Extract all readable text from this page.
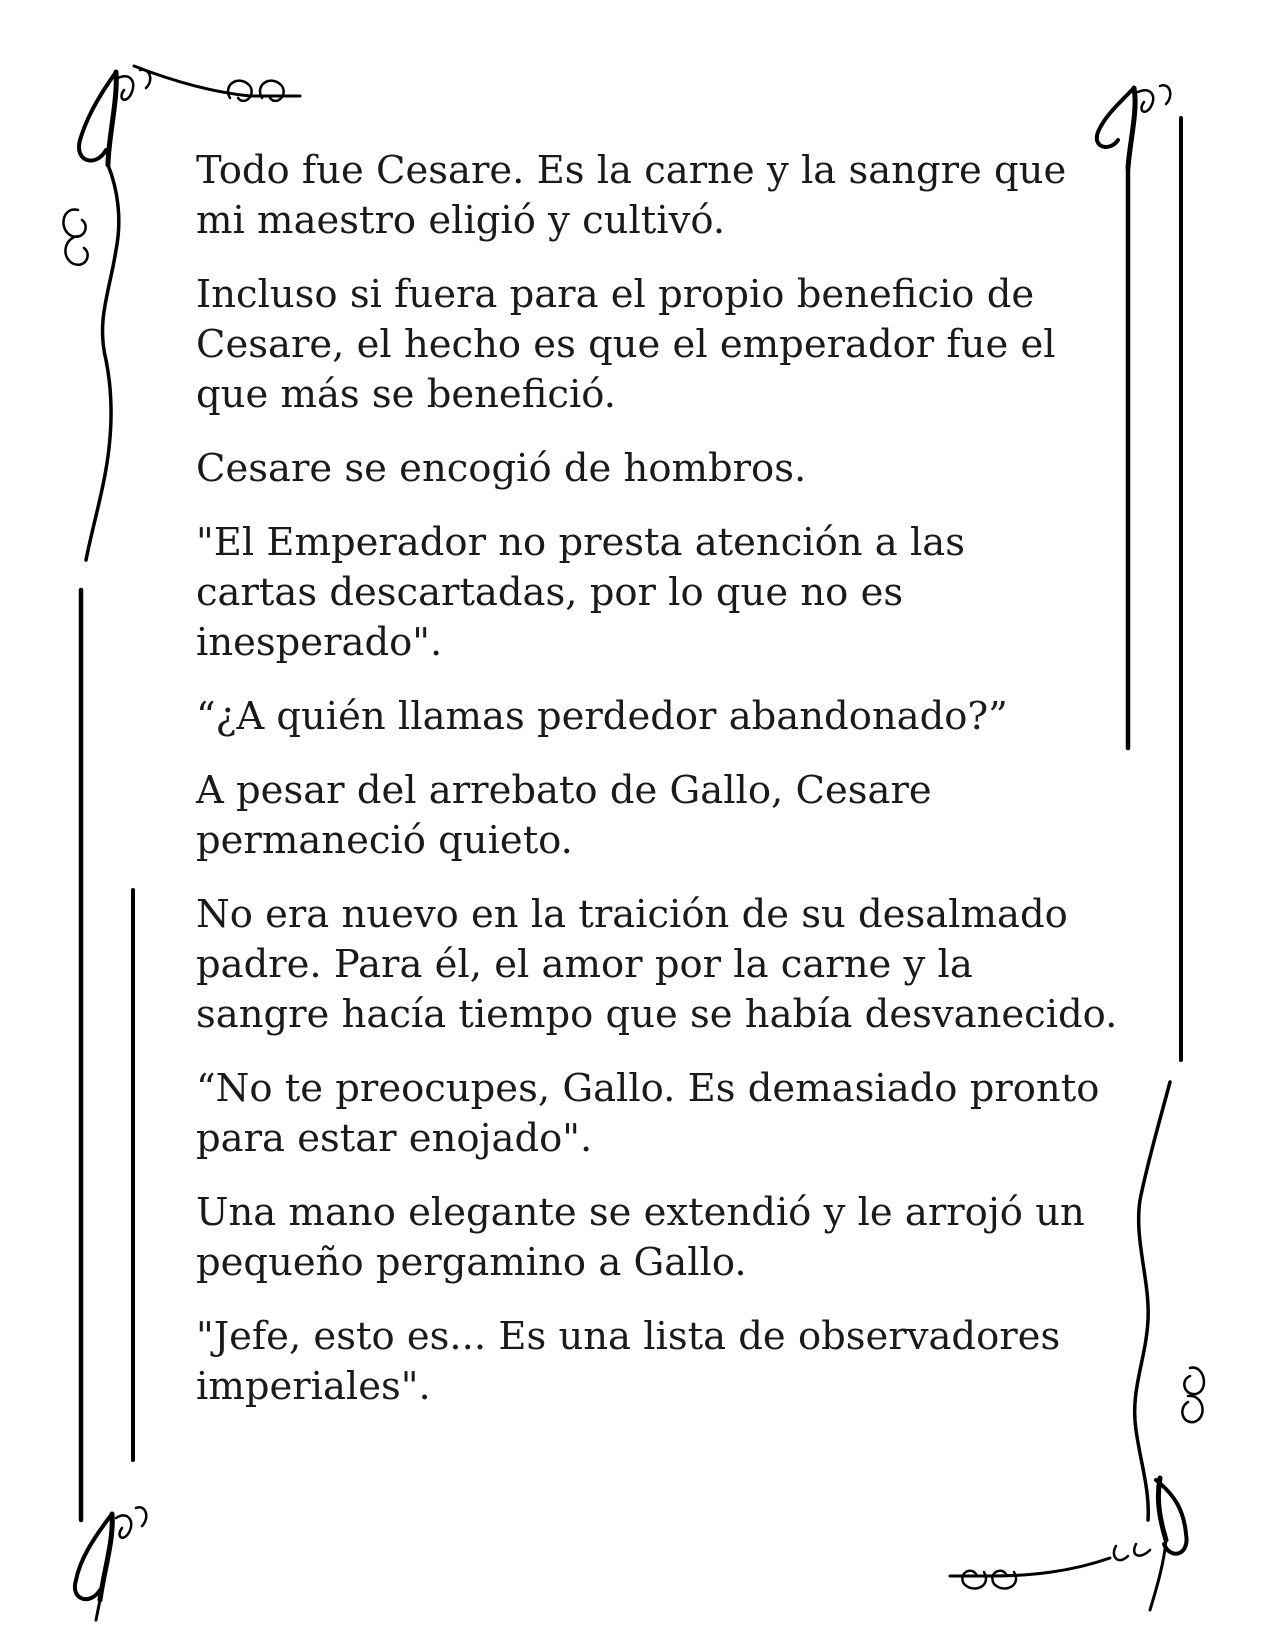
Todo fue Cesare. Es la carne y la sangre que
mi maestro eligió y cultivó.
Incluso si fuera para el propio beneficio de
Cesare, el hecho es que el emperador fue el
que más se benefició.
Cesare se encogió de hombros.
"El Emperador no presta atención a las
cartas descartadas, por lo que no es
inesperado".
“¿A quién llamas perdedor abandonado?”
A pesar del arrebato de Gallo, Cesare
permaneció quieto.
No era nuevo en la traición de su desalmado
padre. Para él, el amor por la carne y la
sangre hacía tiempo que se había desvanecido.
“No te preocupes, Gallo. Es demasiado pronto
para estar enojado".
Una mano elegante se extendió y le arrojó un
pequeño pergamino a Gallo.
"Jefe, esto es... Es una lista de observadores
imperiales".
